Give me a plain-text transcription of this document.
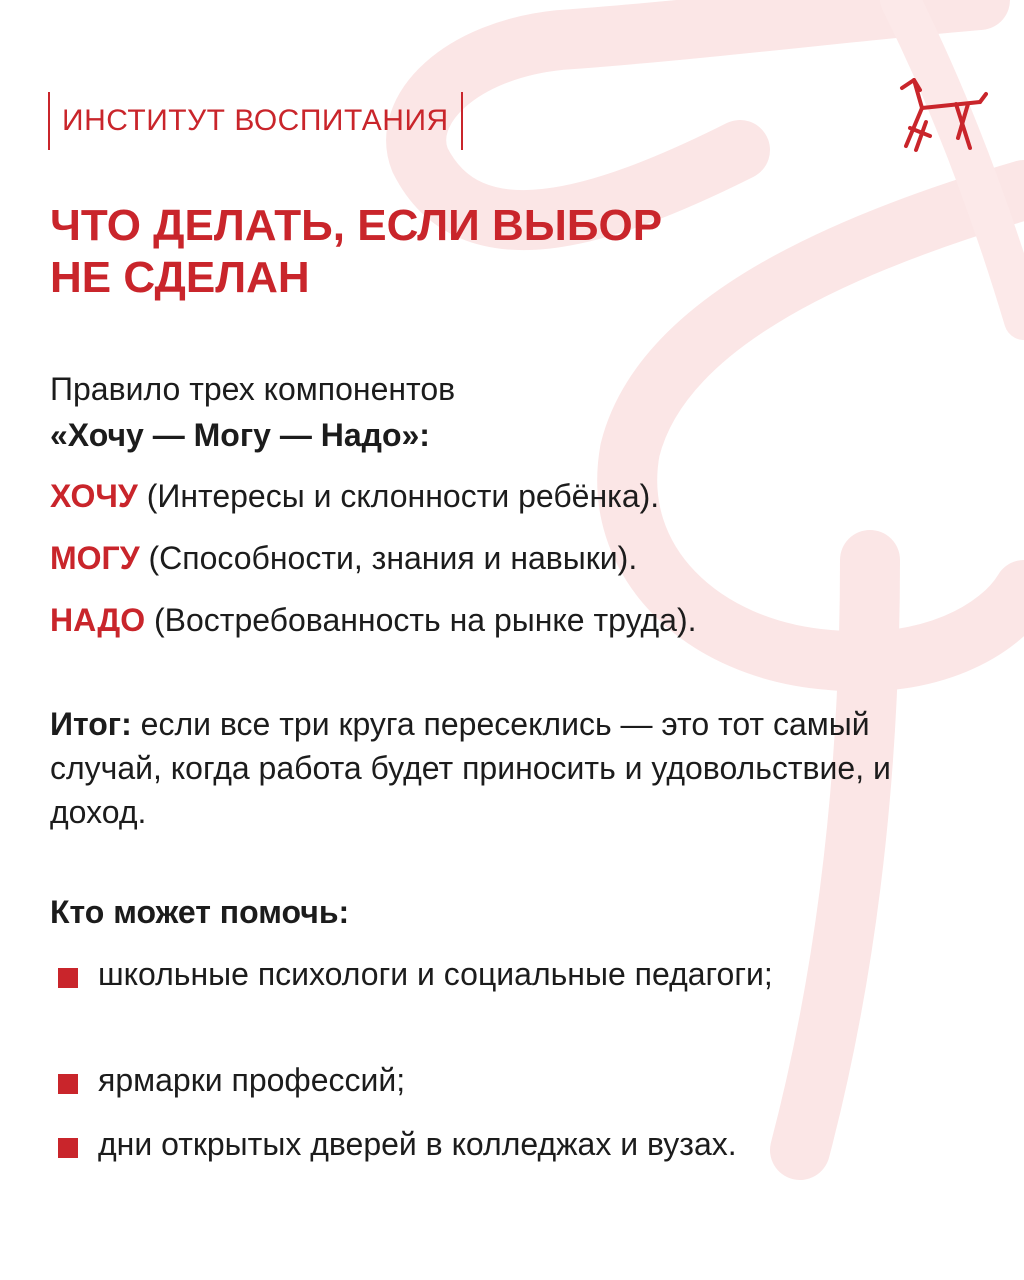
ИНСТИТУТ ВОСПИТАНИЯ
ЧТО ДЕЛАТЬ, ЕСЛИ ВЫБОР
НЕ СДЕЛАН
Правило трех компонентов
«Хочу — Могу — Надо»:
ХОЧУ (Интересы и склонности ребёнка).
МОГУ (Способности, знания и навыки).
НАДО (Востребованность на рынке труда).
Итог: если все три круга пересеклись — это тот самый случай, когда работа будет приносить и удовольствие, и доход.
Кто может помочь:
школьные психологи и социальные педагоги;
ярмарки профессий;
дни открытых дверей в колледжах и вузах.
